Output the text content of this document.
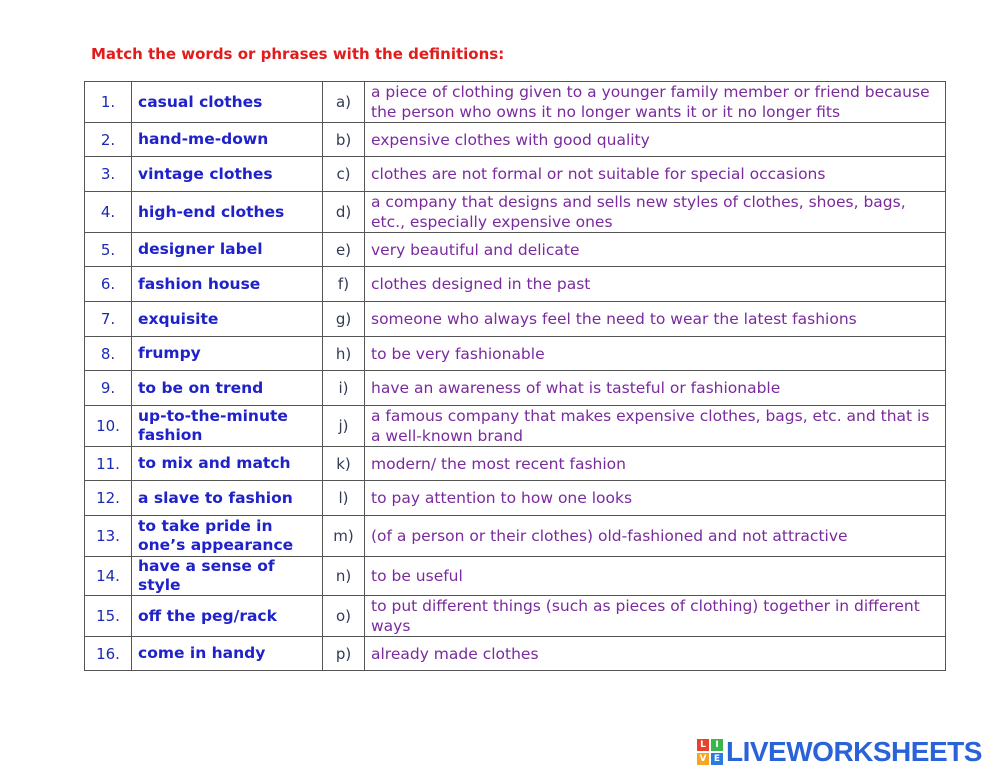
Match the words or phrases with the definitions:
1.	casual clothes	a)	a piece of clothing given to a younger family member or friend because the person who owns it no longer wants it or it no longer fits
2.	hand-me-down	b)	expensive clothes with good quality
3.	vintage clothes	c)	clothes are not formal or not suitable for special occasions
4.	high-end clothes	d)	a company that designs and sells new styles of clothes, shoes, bags, etc., especially expensive ones
5.	designer label	e)	very beautiful and delicate
6.	fashion house	f)	clothes designed in the past
7.	exquisite	g)	someone who always feel the need to wear the latest fashions
8.	frumpy	h)	to be very fashionable
9.	to be on trend	i)	have an awareness of what is tasteful or fashionable
10.	up-to-the-minute fashion	j)	a famous company that makes expensive clothes, bags, etc. and that is a well-known brand
11.	to mix and match	k)	modern/ the most recent fashion
12.	a slave to fashion	l)	to pay attention to how one looks
13.	to take pride in one’s appearance	m)	(of a person or their clothes) old-fashioned and not attractive
14.	have a sense of style	n)	to be useful
15.	off the peg/rack	o)	to put different things (such as pieces of clothing) together in different ways
16.	come in handy	p)	already made clothes
L	I
V E LIVEWORKSHEETS
